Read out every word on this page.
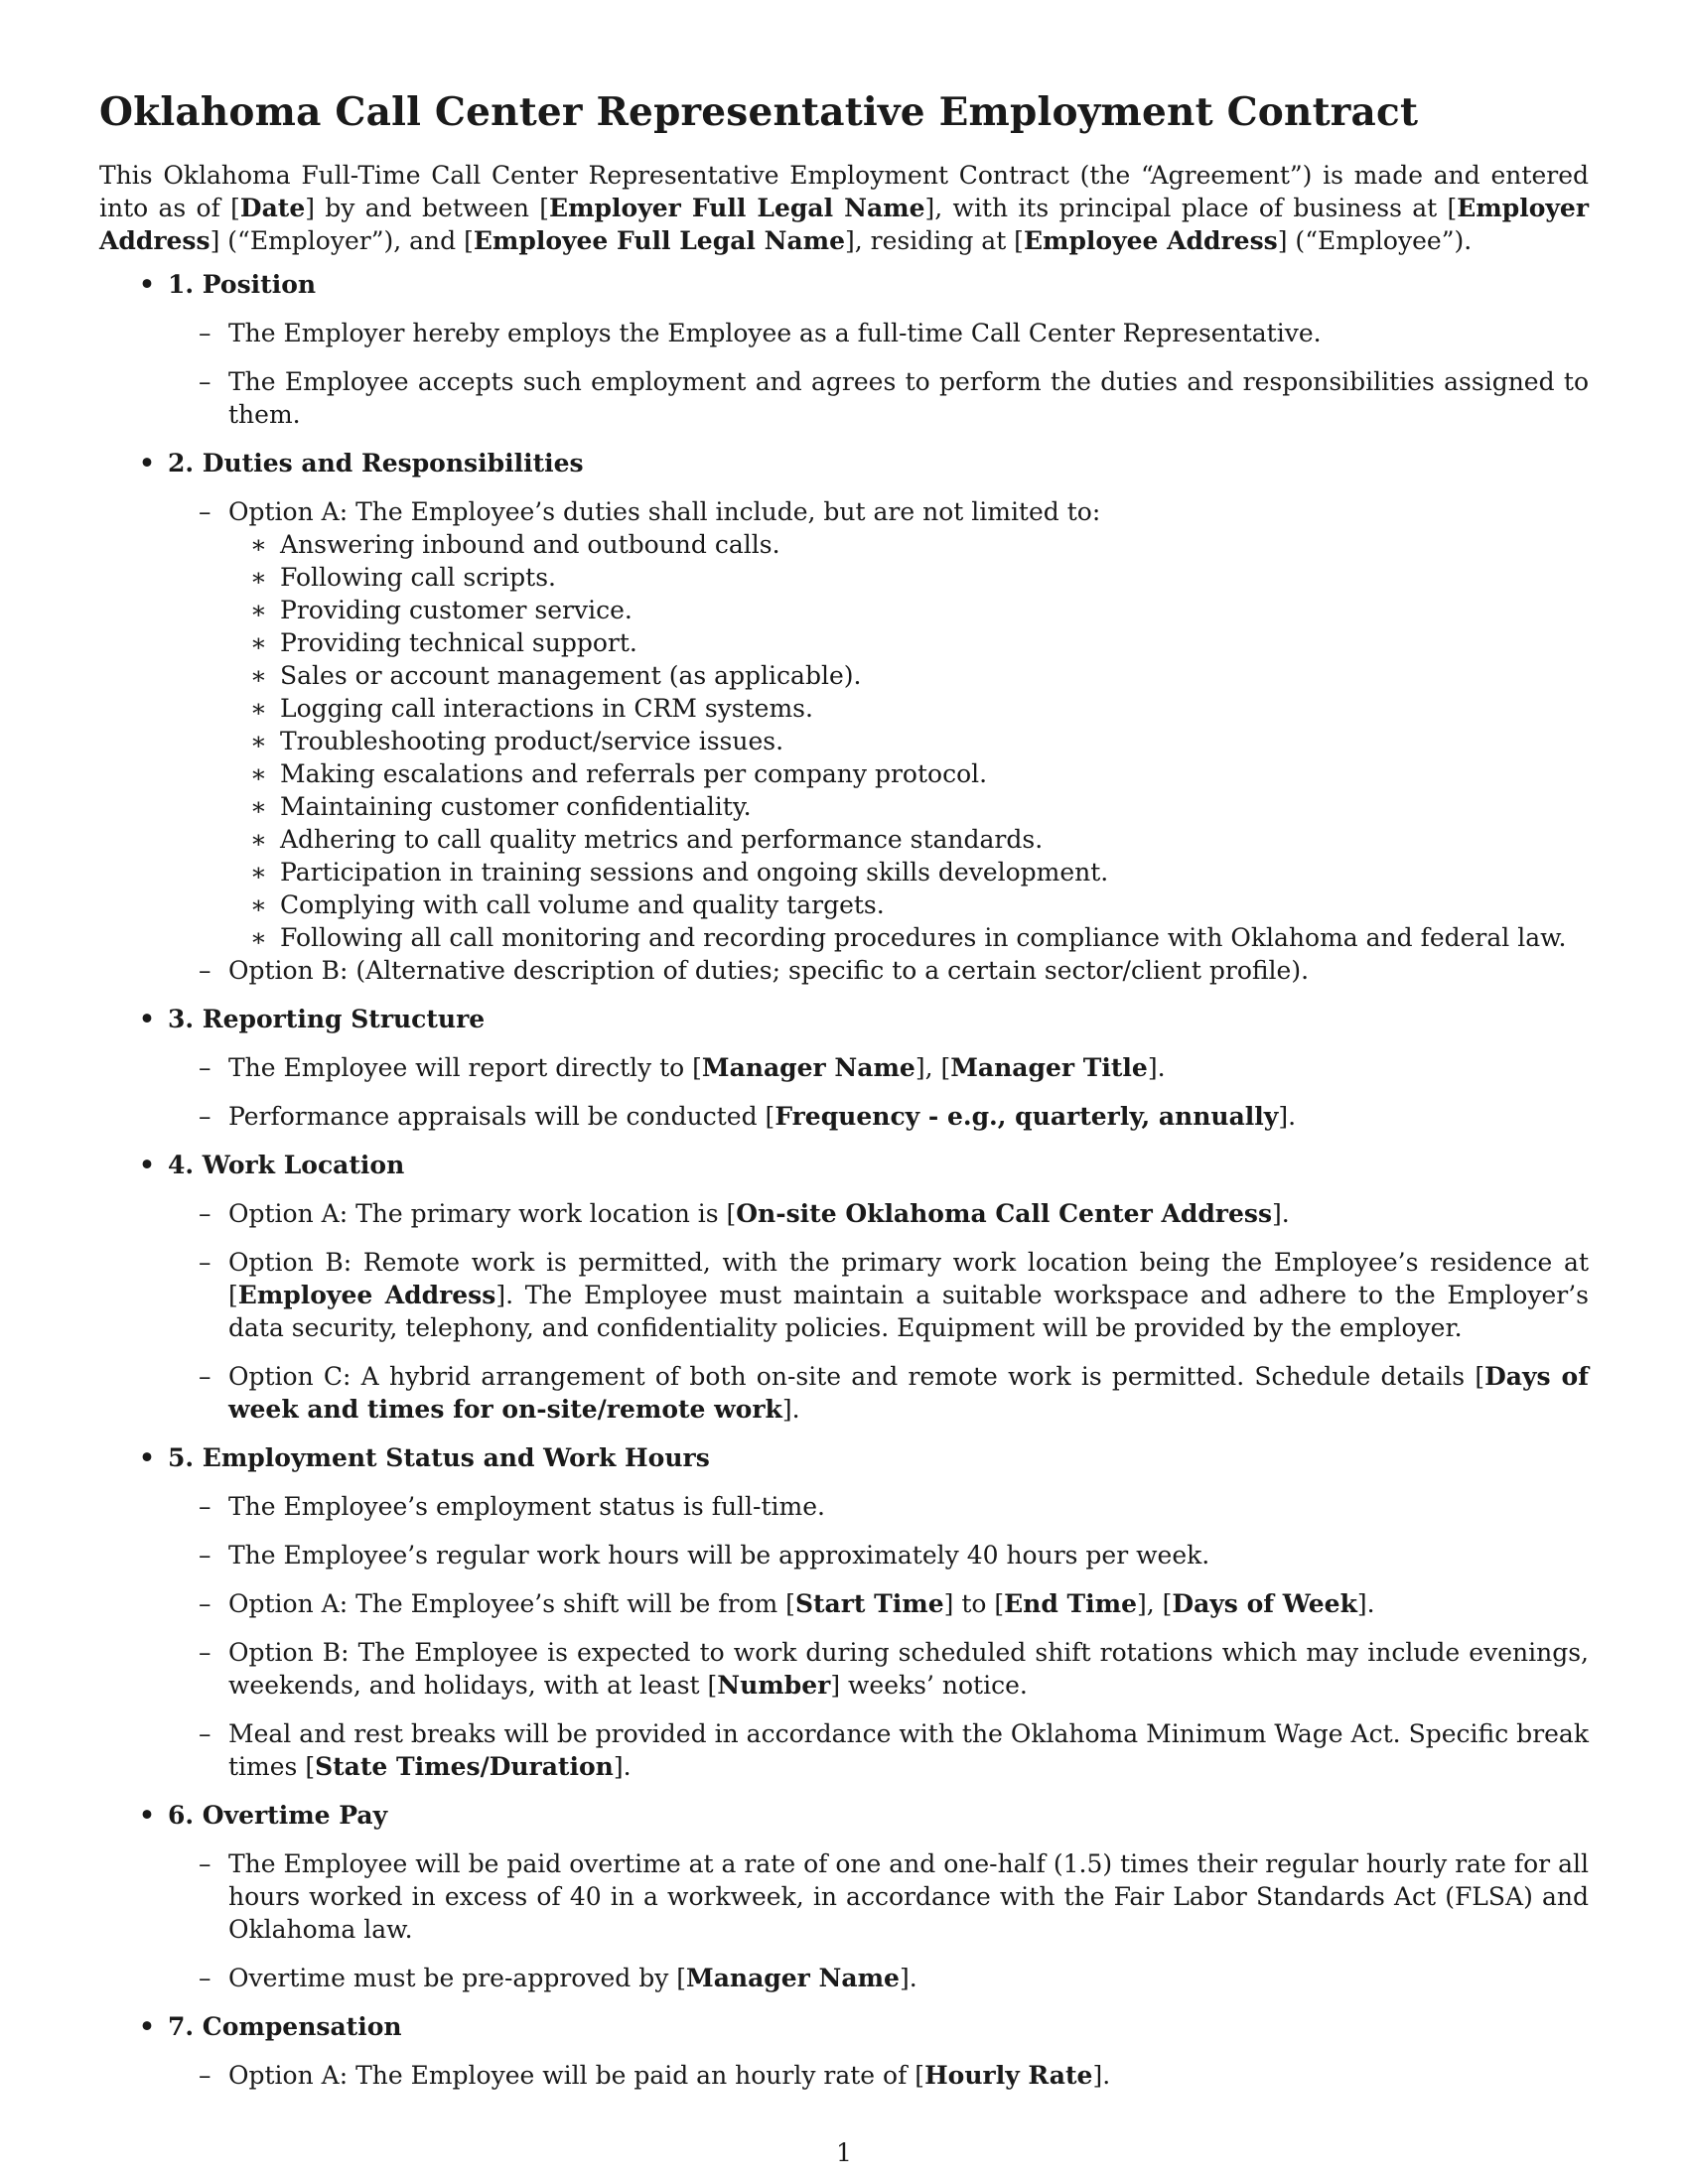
Oklahoma Call Center Representative Employment Contract

This Oklahoma Full-Time Call Center Representative Employment Contract (the “Agreement”) is made and entered into as of [Date] by and between [Employer Full Legal Name], with its principal place of business at [Employer Address] (“Employer”), and [Employee Full Legal Name], residing at [Employee Address] (“Employee”).

• 1. Position
– The Employer hereby employs the Employee as a full-time Call Center Representative.
– The Employee accepts such employment and agrees to perform the duties and responsibilities assigned to them.
• 2. Duties and Responsibilities
– Option A: The Employee’s duties shall include, but are not limited to:
∗ Answering inbound and outbound calls.
∗ Following call scripts.
∗ Providing customer service.
∗ Providing technical support.
∗ Sales or account management (as applicable).
∗ Logging call interactions in CRM systems.
∗ Troubleshooting product/service issues.
∗ Making escalations and referrals per company protocol.
∗ Maintaining customer confidentiality.
∗ Adhering to call quality metrics and performance standards.
∗ Participation in training sessions and ongoing skills development.
∗ Complying with call volume and quality targets.
∗ Following all call monitoring and recording procedures in compliance with Oklahoma and federal law.
– Option B: (Alternative description of duties; specific to a certain sector/client profile).
• 3. Reporting Structure
– The Employee will report directly to [Manager Name], [Manager Title].
– Performance appraisals will be conducted [Frequency - e.g., quarterly, annually].
• 4. Work Location
– Option A: The primary work location is [On-site Oklahoma Call Center Address].
– Option B: Remote work is permitted, with the primary work location being the Employee’s residence at [Employee Address]. The Employee must maintain a suitable workspace and adhere to the Employer’s data security, telephony, and confidentiality policies. Equipment will be provided by the employer.
– Option C: A hybrid arrangement of both on-site and remote work is permitted. Schedule details [Days of week and times for on-site/remote work].
• 5. Employment Status and Work Hours
– The Employee’s employment status is full-time.
– The Employee’s regular work hours will be approximately 40 hours per week.
– Option A: The Employee’s shift will be from [Start Time] to [End Time], [Days of Week].
– Option B: The Employee is expected to work during scheduled shift rotations which may include evenings, weekends, and holidays, with at least [Number] weeks’ notice.
– Meal and rest breaks will be provided in accordance with the Oklahoma Minimum Wage Act. Specific break times [State Times/Duration].
• 6. Overtime Pay
– The Employee will be paid overtime at a rate of one and one-half (1.5) times their regular hourly rate for all hours worked in excess of 40 in a workweek, in accordance with the Fair Labor Standards Act (FLSA) and Oklahoma law.
– Overtime must be pre-approved by [Manager Name].
• 7. Compensation
– Option A: The Employee will be paid an hourly rate of [Hourly Rate].
1
